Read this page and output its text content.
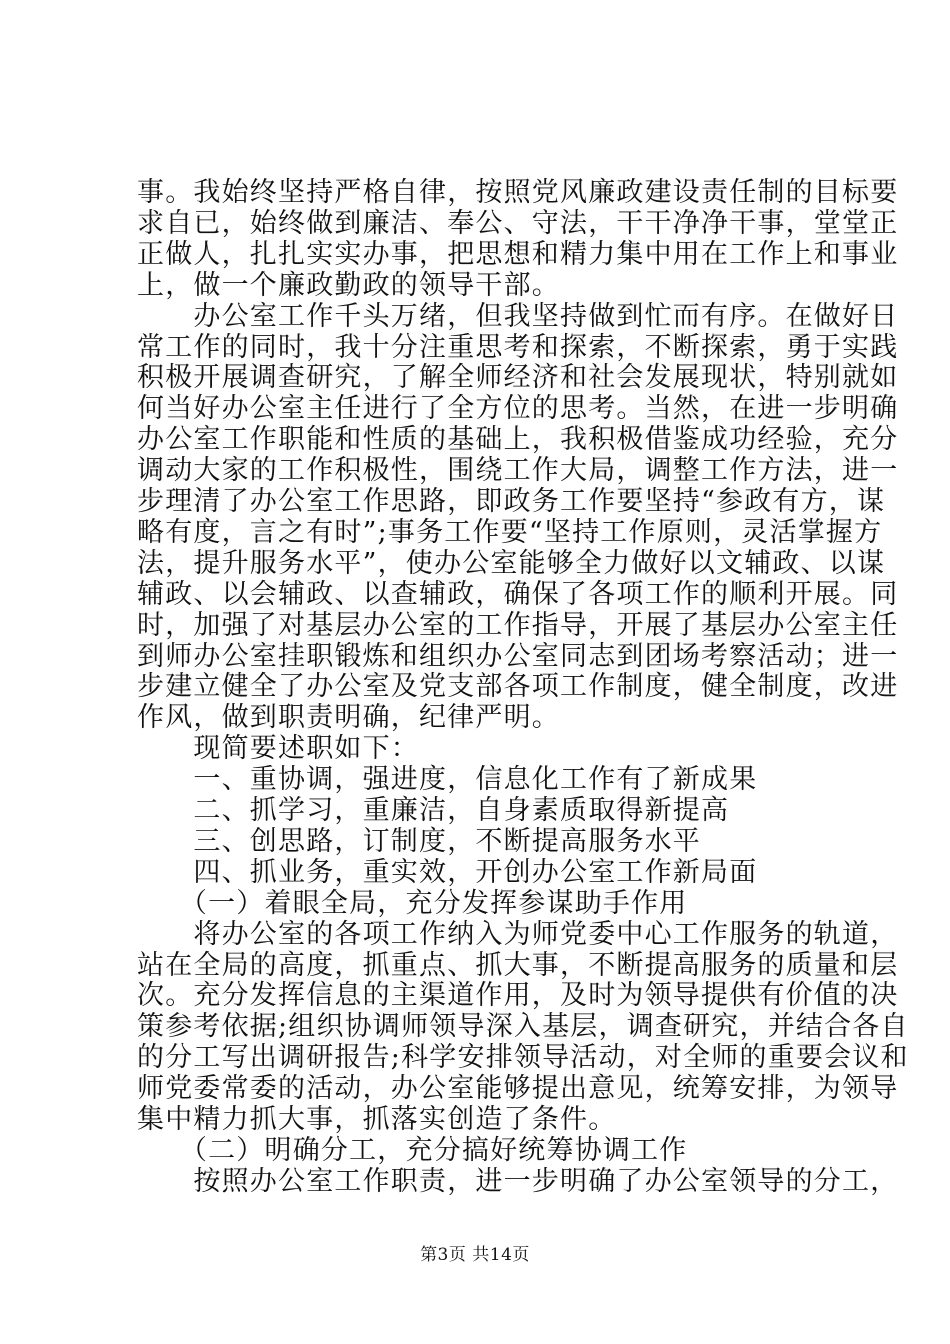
事。我始终坚持严格自律，按照党风廉政建设责任制的目标要
求自已，始终做到廉洁、奉公、守法，干干净净干事，堂堂正
正做人，扎扎实实办事，把思想和精力集中用在工作上和事业
上，做一个廉政勤政的领导干部。
　　办公室工作千头万绪，但我坚持做到忙而有序。在做好日
常工作的同时，我十分注重思考和探索，不断探索，勇于实践
积极开展调查研究，了解全师经济和社会发展现状，特别就如
何当好办公室主任进行了全方位的思考。当然，在进一步明确
办公室工作职能和性质的基础上，我积极借鉴成功经验，充分
调动大家的工作积极性，围绕工作大局，调整工作方法，进一
步理清了办公室工作思路，即政务工作要坚持“参政有方，谋
略有度，言之有时”;事务工作要“坚持工作原则，灵活掌握方
法，提升服务水平”，使办公室能够全力做好以文辅政、以谋
辅政、以会辅政、以查辅政，确保了各项工作的顺利开展。同
时，加强了对基层办公室的工作指导，开展了基层办公室主任
到师办公室挂职锻炼和组织办公室同志到团场考察活动；进一
步建立健全了办公室及党支部各项工作制度，健全制度，改进
作风，做到职责明确，纪律严明。
　　现简要述职如下：
　　一、重协调，强进度，信息化工作有了新成果
　　二、抓学习，重廉洁，自身素质取得新提高
　　三、创思路，订制度，不断提高服务水平
　　四、抓业务，重实效，开创办公室工作新局面
　　（一）着眼全局，充分发挥参谋助手作用
　　将办公室的各项工作纳入为师党委中心工作服务的轨道，
站在全局的高度，抓重点、抓大事，不断提高服务的质量和层
次。充分发挥信息的主渠道作用，及时为领导提供有价值的决
策参考依据;组织协调师领导深入基层，调查研究，并结合各自
的分工写出调研报告;科学安排领导活动，对全师的重要会议和
师党委常委的活动，办公室能够提出意见，统筹安排，为领导
集中精力抓大事，抓落实创造了条件。
　　（二）明确分工，充分搞好统筹协调工作
　　按照办公室工作职责，进一步明确了办公室领导的分工，
第3页 共14页
